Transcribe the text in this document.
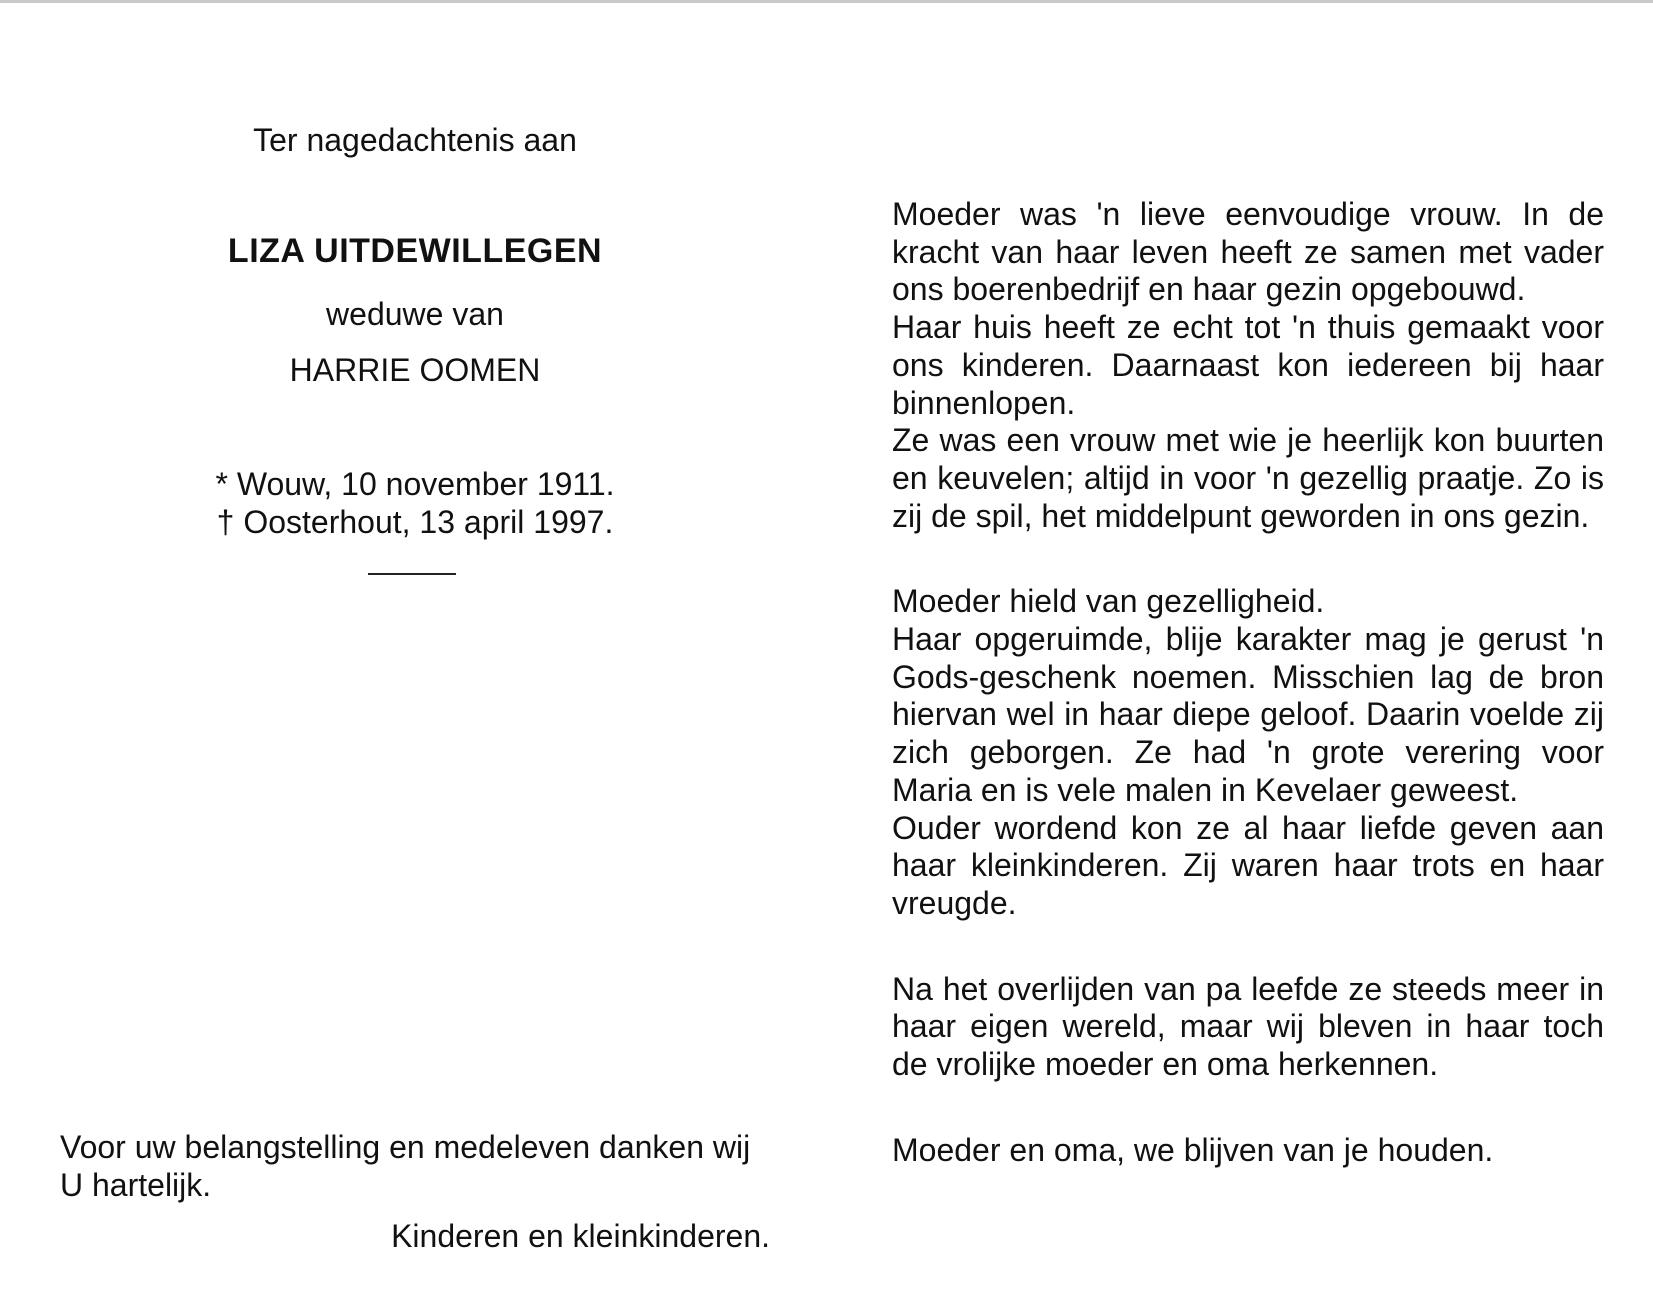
Ter nagedachtenis aan
LIZA UITDEWILLEGEN
weduwe van
HARRIE OOMEN
* Wouw, 10 november 1911.
† Oosterhout, 13 april 1997.
Voor uw belangstelling en medeleven danken wij U hartelijk.
Kinderen en kleinkinderen.

Moeder was 'n lieve eenvoudige vrouw. In de kracht van haar leven heeft ze samen met vader ons boerenbedrijf en haar gezin opgebouwd.

Haar huis heeft ze echt tot 'n thuis gemaakt voor ons kinderen. Daarnaast kon iedereen bij haar binnenlopen.

Ze was een vrouw met wie je heerlijk kon buurten en keuvelen; altijd in voor 'n gezellig praatje. Zo is zij de spil, het middelpunt geworden in ons gezin.

Moeder hield van gezelligheid.

Haar opgeruimde, blije karakter mag je gerust 'n Gods-geschenk noemen. Misschien lag de bron hiervan wel in haar diepe geloof. Daarin voelde zij zich geborgen. Ze had 'n grote verering voor Maria en is vele malen in Kevelaer geweest.

Ouder wordend kon ze al haar liefde geven aan haar kleinkinderen. Zij waren haar trots en haar vreugde.

Na het overlijden van pa leefde ze steeds meer in haar eigen wereld, maar wij bleven in haar toch de vrolijke moeder en oma herkennen.

Moeder en oma, we blijven van je houden.
